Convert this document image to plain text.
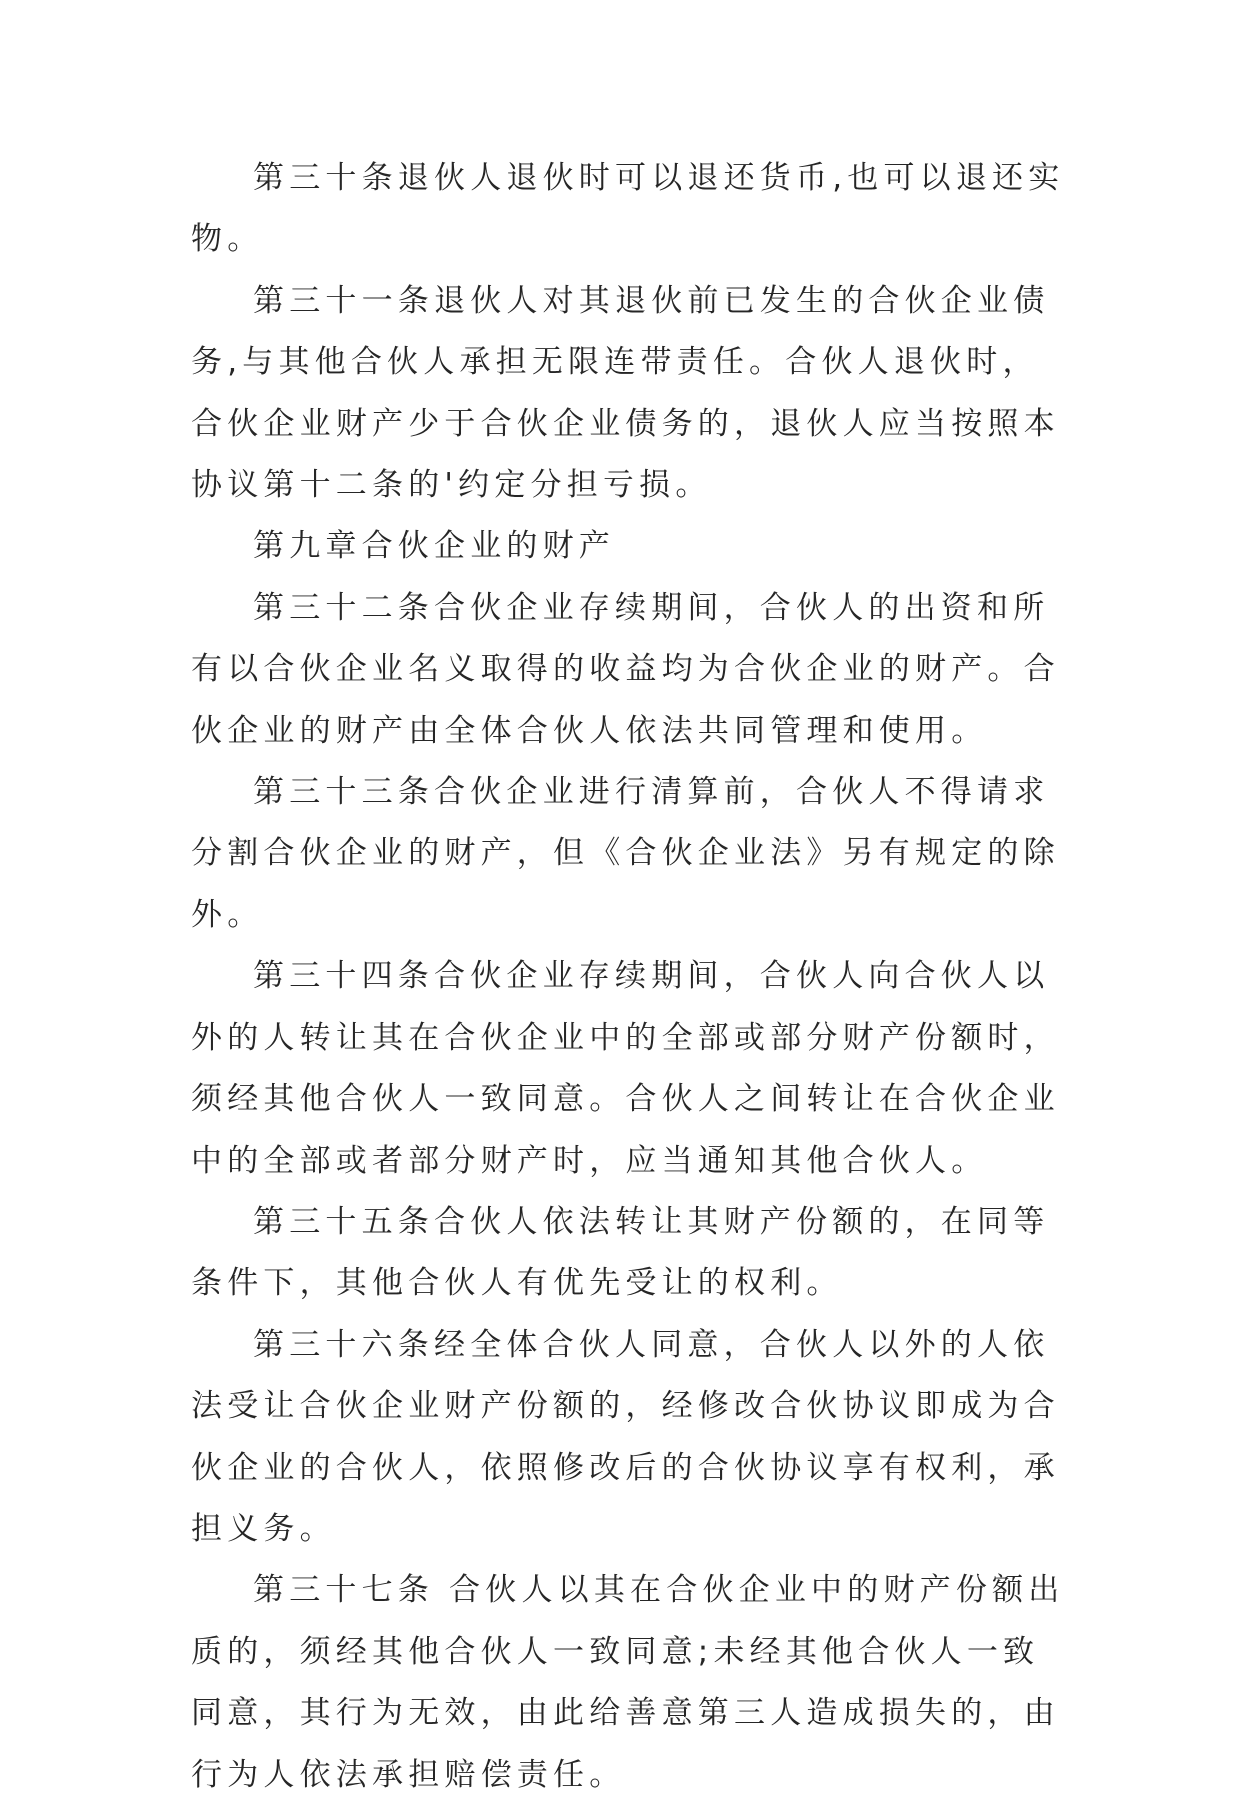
第三十条退伙人退伙时可以退还货币,也可以退还实物。

第三十一条退伙人对其退伙前已发生的合伙企业债务,与其他合伙人承担无限连带责任。合伙人退伙时，合伙企业财产少于合伙企业债务的，退伙人应当按照本协议第十二条的'约定分担亏损。

第九章合伙企业的财产

第三十二条合伙企业存续期间，合伙人的出资和所有以合伙企业名义取得的收益均为合伙企业的财产。合伙企业的财产由全体合伙人依法共同管理和使用。

第三十三条合伙企业进行清算前，合伙人不得请求分割合伙企业的财产，但《合伙企业法》另有规定的除外。

第三十四条合伙企业存续期间，合伙人向合伙人以外的人转让其在合伙企业中的全部或部分财产份额时，须经其他合伙人一致同意。合伙人之间转让在合伙企业中的全部或者部分财产时，应当通知其他合伙人。

第三十五条合伙人依法转让其财产份额的，在同等条件下，其他合伙人有优先受让的权利。

第三十六条经全体合伙人同意，合伙人以外的人依法受让合伙企业财产份额的，经修改合伙协议即成为合伙企业的合伙人，依照修改后的合伙协议享有权利，承担义务。

第三十七条 合伙人以其在合伙企业中的财产份额出质的，须经其他合伙人一致同意;未经其他合伙人一致同意，其行为无效，由此给善意第三人造成损失的，由行为人依法承担赔偿责任。
